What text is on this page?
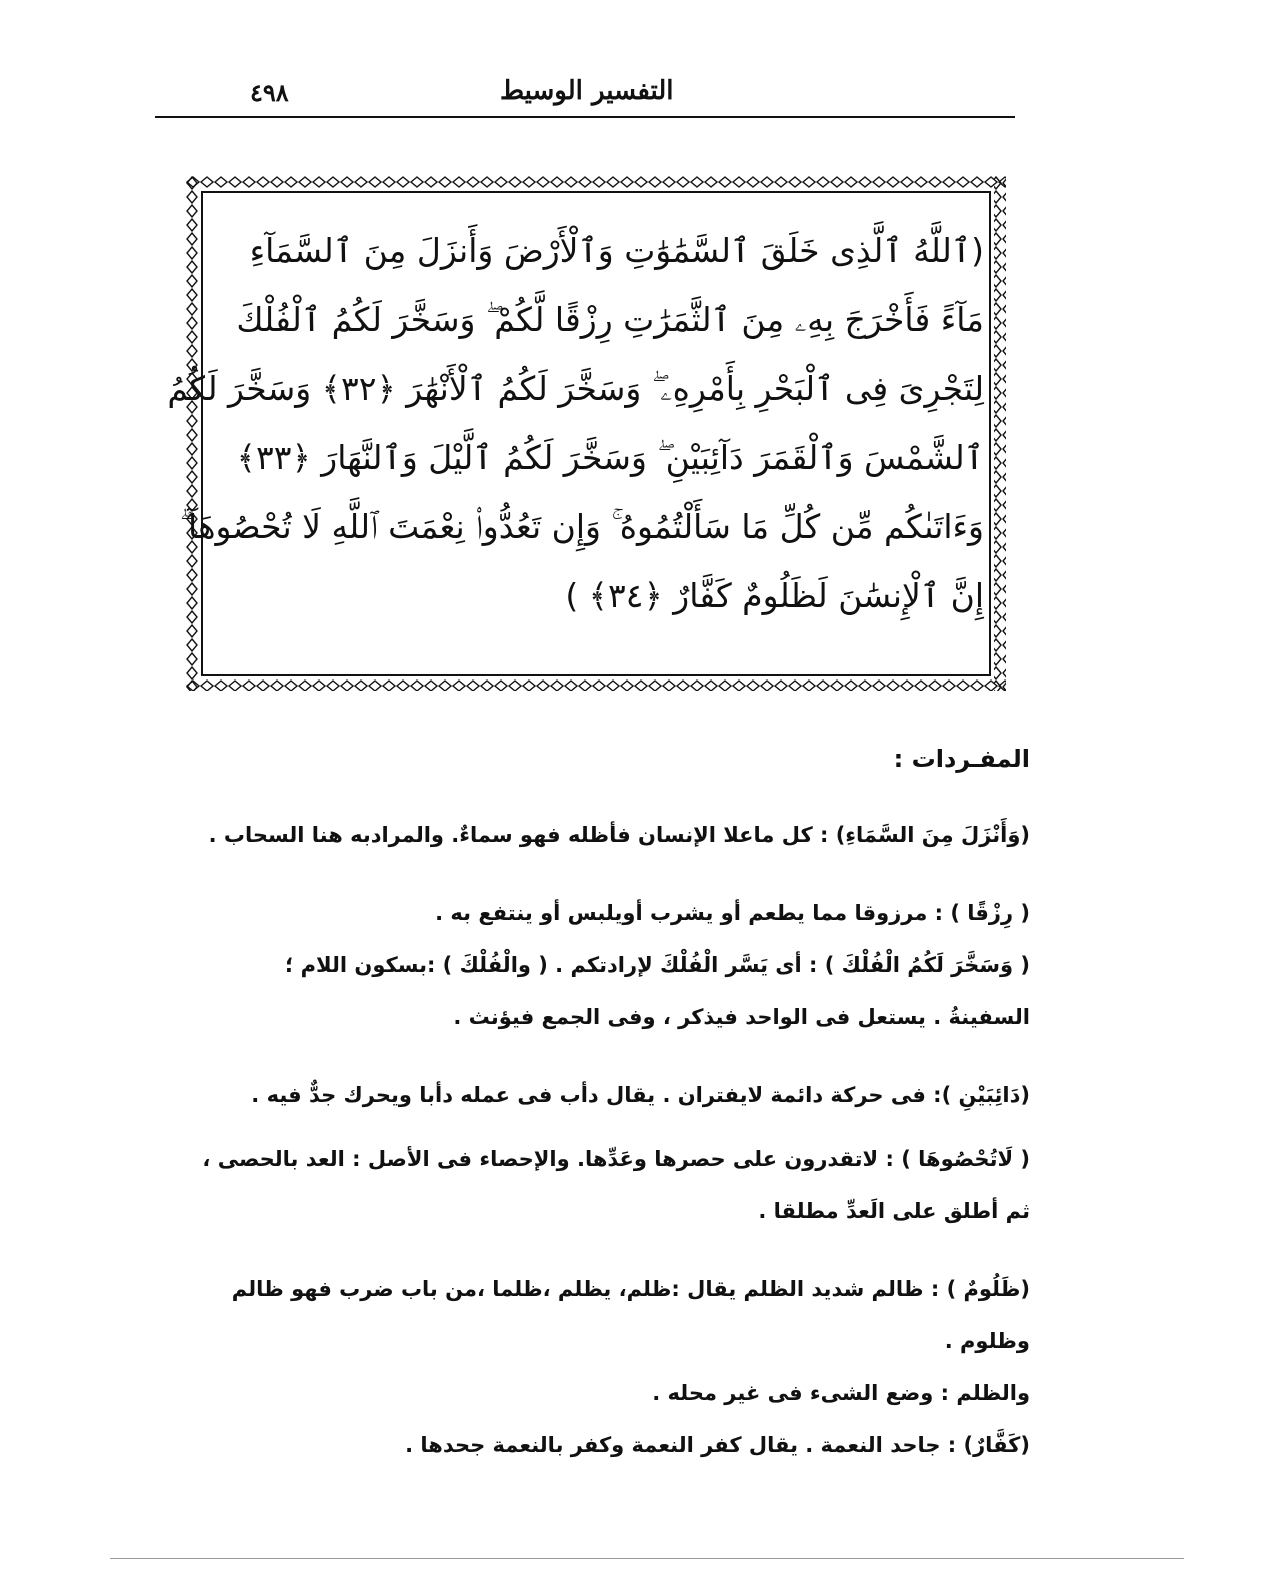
٤٩٨	التفسير الوسيط
(ٱللَّهُ ٱلَّذِى خَلَقَ ٱلسَّمَٰوَٰتِ وَٱلْأَرْضَ وَأَنزَلَ مِنَ ٱلسَّمَآءِ
مَآءً فَأَخْرَجَ بِهِۦ مِنَ ٱلثَّمَرَٰتِ رِزْقًا لَّكُمْ ۖ وَسَخَّرَ لَكُمُ ٱلْفُلْكَ
لِتَجْرِىَ فِى ٱلْبَحْرِ بِأَمْرِهِۦ ۖ وَسَخَّرَ لَكُمُ ٱلْأَنْهَٰرَ ﴿٣٢﴾ وَسَخَّرَ لَكُمُ
ٱلشَّمْسَ وَٱلْقَمَرَ دَآئِبَيْنِ ۖ وَسَخَّرَ لَكُمُ ٱلَّيْلَ وَٱلنَّهَارَ ﴿٣٣﴾
وَءَاتَىٰكُم مِّن كُلِّ مَا سَأَلْتُمُوهُ ۚ وَإِن تَعُدُّوا۟ نِعْمَتَ ٱللَّهِ لَا تُحْصُوهَآ ۗ
إِنَّ ٱلْإِنسَٰنَ لَظَلُومٌ كَفَّارٌ ﴿٣٤﴾ )

المفـردات :

(وَأَنْزَلَ مِنَ السَّمَاءِ) : كل ماعلا الإنسان فأظله فهو سماءٌ. والمرادبه هنا السحاب .

( رِزْقًا ) : مرزوقا مما يطعم أو يشرب أويلبس أو ينتفع به .

( وَسَخَّرَ لَكُمُ الْفُلْكَ ) : أى يَسَّر الْفُلْكَ لإرادتكم . ( والْفُلْكَ ) :بسكون اللام ؛

السفينةُ . يستعل فى الواحد فيذكر ، وفى الجمع فيؤنث .

(دَائِبَيْنِ ): فى حركة دائمة لايفتران . يقال دأب فى عمله دأبا ويحرك جدٌّ فيه .

( لَاتُحْصُوهَا ) : لاتقدرون على حصرها وعَدِّها. والإحصاء فى الأصل : العد بالحصى ،

ثم أطلق على الَعدِّ مطلقا .

(ظَلُومٌ ) : ظالم شديد الظلم يقال :ظلم، يظلم ،ظلما ،من باب ضرب فهو ظالم وظلوم .

والظلم : وضع الشىء فى غير محله .

(كَفَّارٌ) : جاحد النعمة . يقال كفر النعمة وكفر بالنعمة جحدها .
